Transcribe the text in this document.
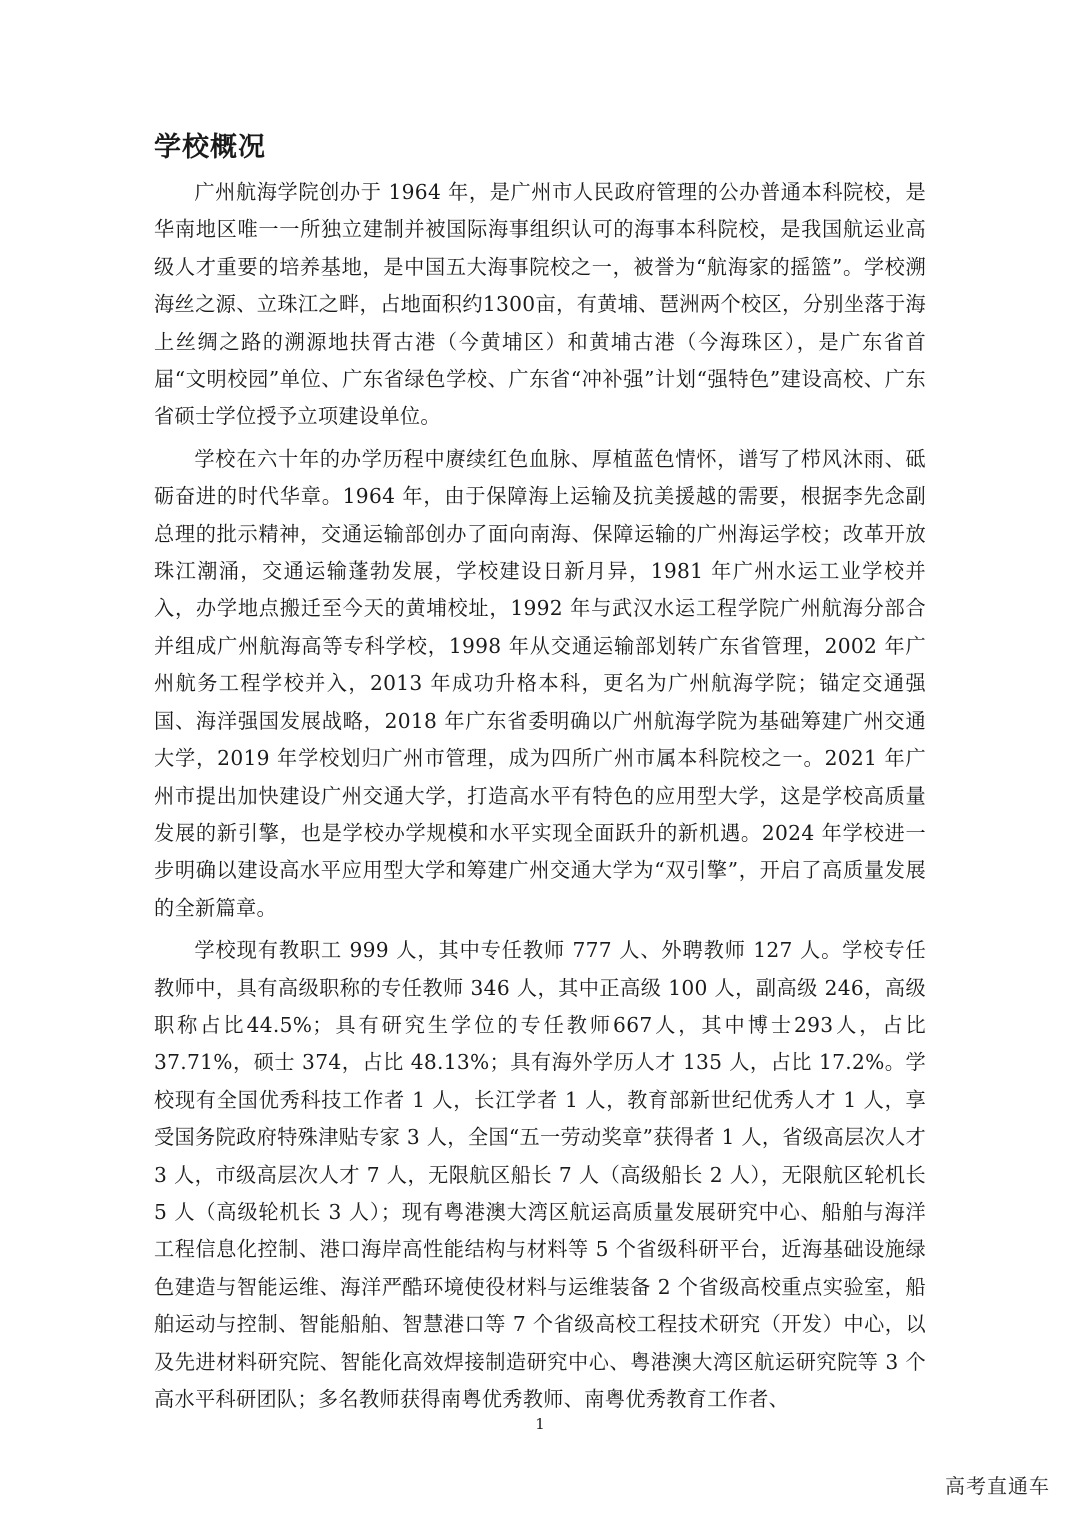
学校概况

广州航海学院创办于 1964 年，是广州市人民政府管理的公办普通本科院校，是华南地区唯一一所独立建制并被国际海事组织认可的海事本科院校，是我国航运业高级人才重要的培养基地，是中国五大海事院校之一，被誉为“航海家的摇篮”。学校溯海丝之源、立珠江之畔，占地面积约1300亩，有黄埔、琶洲两个校区，分别坐落于海上丝绸之路的溯源地扶胥古港（今黄埔区）和黄埔古港（今海珠区），是广东省首届“文明校园”单位、广东省绿色学校、广东省“冲补强”计划“强特色”建设高校、广东省硕士学位授予立项建设单位。

学校在六十年的办学历程中赓续红色血脉、厚植蓝色情怀，谱写了栉风沐雨、砥砺奋进的时代华章。1964 年，由于保障海上运输及抗美援越的需要，根据李先念副总理的批示精神，交通运输部创办了面向南海、保障运输的广州海运学校；改革开放珠江潮涌，交通运输蓬勃发展，学校建设日新月异，1981 年广州水运工业学校并入，办学地点搬迁至今天的黄埔校址，1992 年与武汉水运工程学院广州航海分部合并组成广州航海高等专科学校，1998 年从交通运输部划转广东省管理，2002 年广州航务工程学校并入，2013 年成功升格本科，更名为广州航海学院；锚定交通强国、海洋强国发展战略，2018 年广东省委明确以广州航海学院为基础筹建广州交通大学，2019 年学校划归广州市管理，成为四所广州市属本科院校之一。2021 年广州市提出加快建设广州交通大学，打造高水平有特色的应用型大学，这是学校高质量发展的新引擎，也是学校办学规模和水平实现全面跃升的新机遇。2024 年学校进一步明确以建设高水平应用型大学和筹建广州交通大学为“双引擎”，开启了高质量发展的全新篇章。

学校现有教职工 999 人，其中专任教师 777 人、外聘教师 127 人。学校专任教师中，具有高级职称的专任教师 346 人，其中正高级 100 人，副高级 246，高级职称占比44.5%；具有研究生学位的专任教师667人，其中博士293人，占比37.71%，硕士 374，占比 48.13%；具有海外学历人才 135 人，占比 17.2%。学校现有全国优秀科技工作者 1 人，长江学者 1 人，教育部新世纪优秀人才 1 人，享受国务院政府特殊津贴专家 3 人，全国“五一劳动奖章”获得者 1 人，省级高层次人才 3 人，市级高层次人才 7 人，无限航区船长 7 人（高级船长 2 人），无限航区轮机长 5 人（高级轮机长 3 人）；现有粤港澳大湾区航运高质量发展研究中心、船舶与海洋工程信息化控制、港口海岸高性能结构与材料等 5 个省级科研平台，近海基础设施绿色建造与智能运维、海洋严酷环境使役材料与运维装备 2 个省级高校重点实验室，船舶运动与控制、智能船舶、智慧港口等 7 个省级高校工程技术研究（开发）中心，以及先进材料研究院、智能化高效焊接制造研究中心、粤港澳大湾区航运研究院等 3 个高水平科研团队；多名教师获得南粤优秀教师、南粤优秀教育工作者、

1
高考直通车
